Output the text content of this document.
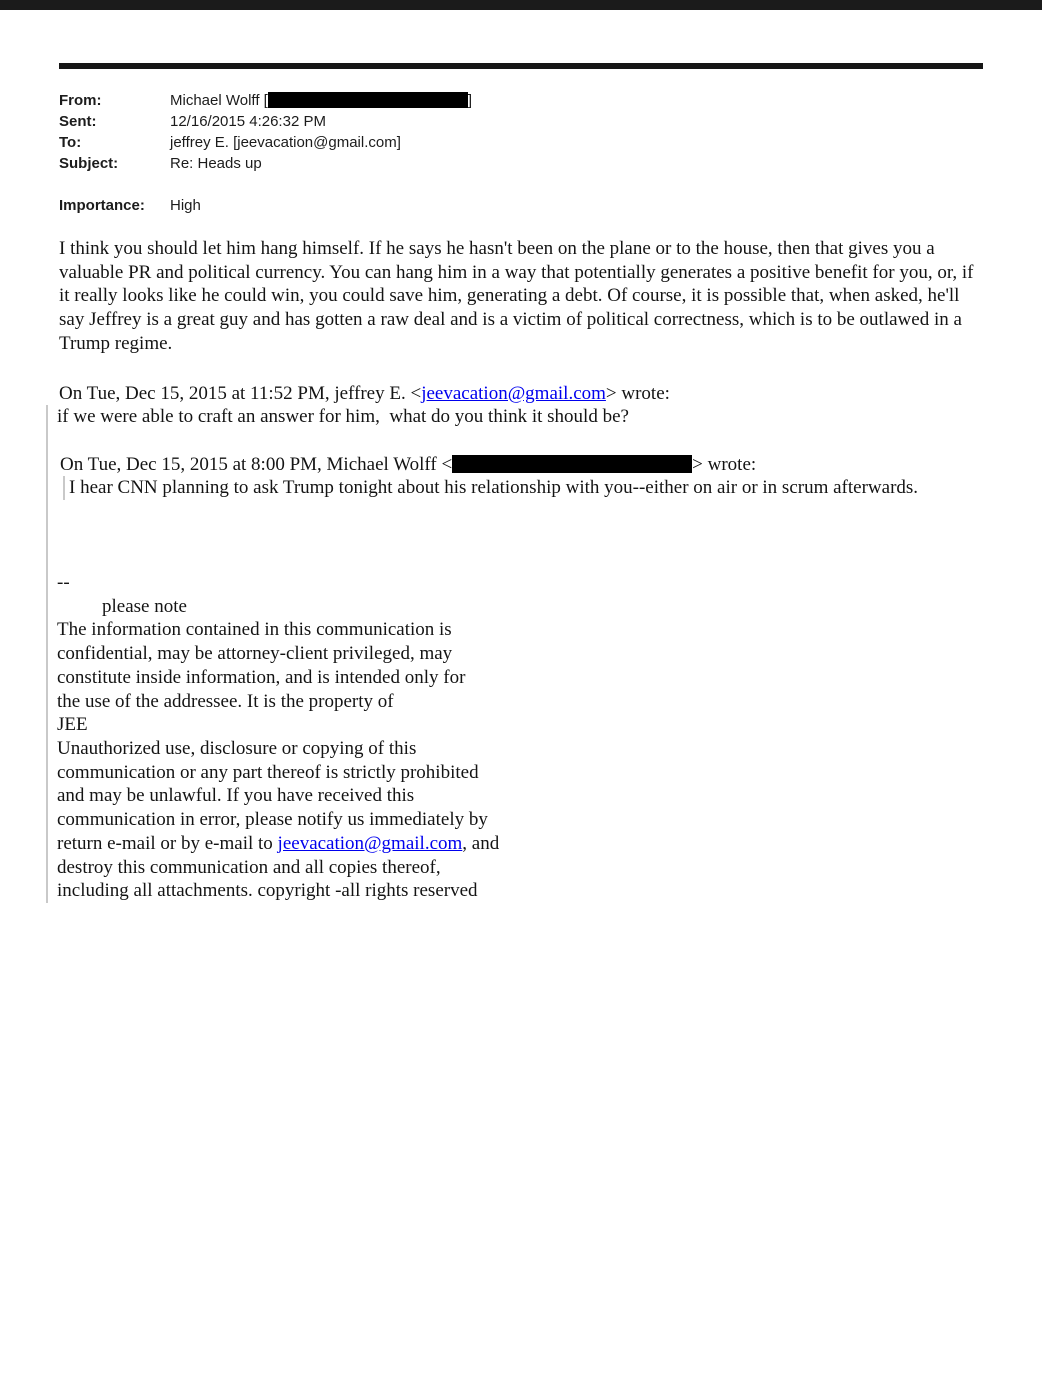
From:	Michael Wolff [	]
Sent:	12/16/2015 4:26:32 PM
To:	jeffrey E. [jeevacation@gmail.com]
Subject:	Re: Heads up
Importance:	High
I think you should let him hang himself. If he says he hasn't been on the plane or to the house, then that gives you a valuable PR and political currency. You can hang him in a way that potentially generates a positive benefit for you, or, if it really looks like he could win, you could save him, generating a debt. Of course, it is possible that, when asked, he'll say Jeffrey is a great guy and has gotten a raw deal and is a victim of political correctness, which is to be outlawed in a Trump regime.
On Tue, Dec 15, 2015 at 11:52 PM, jeffrey E. <jeevacation@gmail.com> wrote:
if we were able to craft an answer for him,  what do you think it should be?
On Tue, Dec 15, 2015 at 8:00 PM, Michael Wolff <	> wrote:
I hear CNN planning to ask Trump tonight about his relationship with you--either on air or in scrum afterwards.
--
please note
The information contained in this communication is
confidential, may be attorney-client privileged, may
constitute inside information, and is intended only for
the use of the addressee. It is the property of
JEE
Unauthorized use, disclosure or copying of this
communication or any part thereof is strictly prohibited
and may be unlawful. If you have received this
communication in error, please notify us immediately by
return e-mail or by e-mail to jeevacation@gmail.com, and
destroy this communication and all copies thereof,
including all attachments. copyright -all rights reserved
